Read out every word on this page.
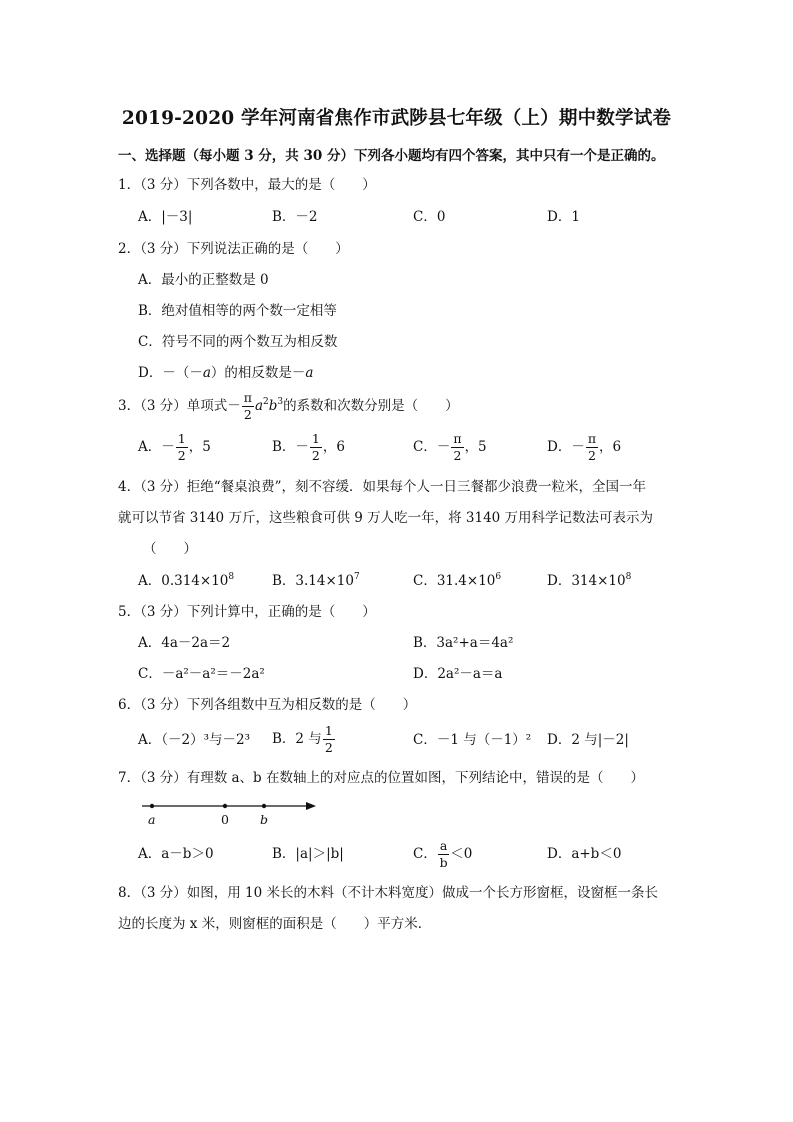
2019-2020 学年河南省焦作市武陟县七年级（上）期中数学试卷
一、选择题（每小题 3 分，共 30 分）下列各小题均有四个答案，其中只有一个是正确的。
1．（3 分）下列各数中，最大的是（　　）
A．|－3|	B．－2	C．0	D．1
2．（3 分）下列说法正确的是（　　）
A．最小的正整数是 0
B．绝对值相等的两个数一定相等
C．符号不同的两个数互为相反数
D．－（－a）的相反数是－a
3．（3 分）单项式－ $\frac{\pi}{2} a^2b^3$的系数和次数分别是（　　）
A．－ $\frac{1}{2}$ ，5	B．－ $\frac{1}{2}$ ，6	C．－ $\frac{\pi}{2}$ ，5	D．－ $\frac{\pi}{2}$ ，6
4．（3 分）拒绝“餐桌浪费”，刻不容缓．如果每个人一日三餐都少浪费一粒米，全国一年
就可以节省 3140 万斤，这些粮食可供 9 万人吃一年，将 3140 万用科学记数法可表示为
（　　）
A．$0.314\times 10^8$	B．$3.14\times 10^7$	C．$31.4\times 10^6$	D．$314\times 10^8$
5．（3 分）下列计算中，正确的是（　　）
A．4a－2a＝2	B．3a²+a＝4a²
C．－a²－a²＝－2a²	D．2a²－a＝a
6．（3 分）下列各组数中互为相反数的是（　　）
A．（－2）³与－2³ B．2 与 $\frac{1}{2}$	C．－1 与（－1）² D．2 与|－2|
7．（3 分）有理数 a、b 在数轴上的对应点的位置如图，下列结论中，错误的是（　　）
a	0 b
A．a－b＞0	B．|a|＞|b|	C． $\frac{a}{b} <0$	D．a+b＜0
8．（3 分）如图，用 10 米长的木料（不计木料宽度）做成一个长方形窗框，设窗框一条长
边的长度为 x 米，则窗框的面积是（　　）平方米．
